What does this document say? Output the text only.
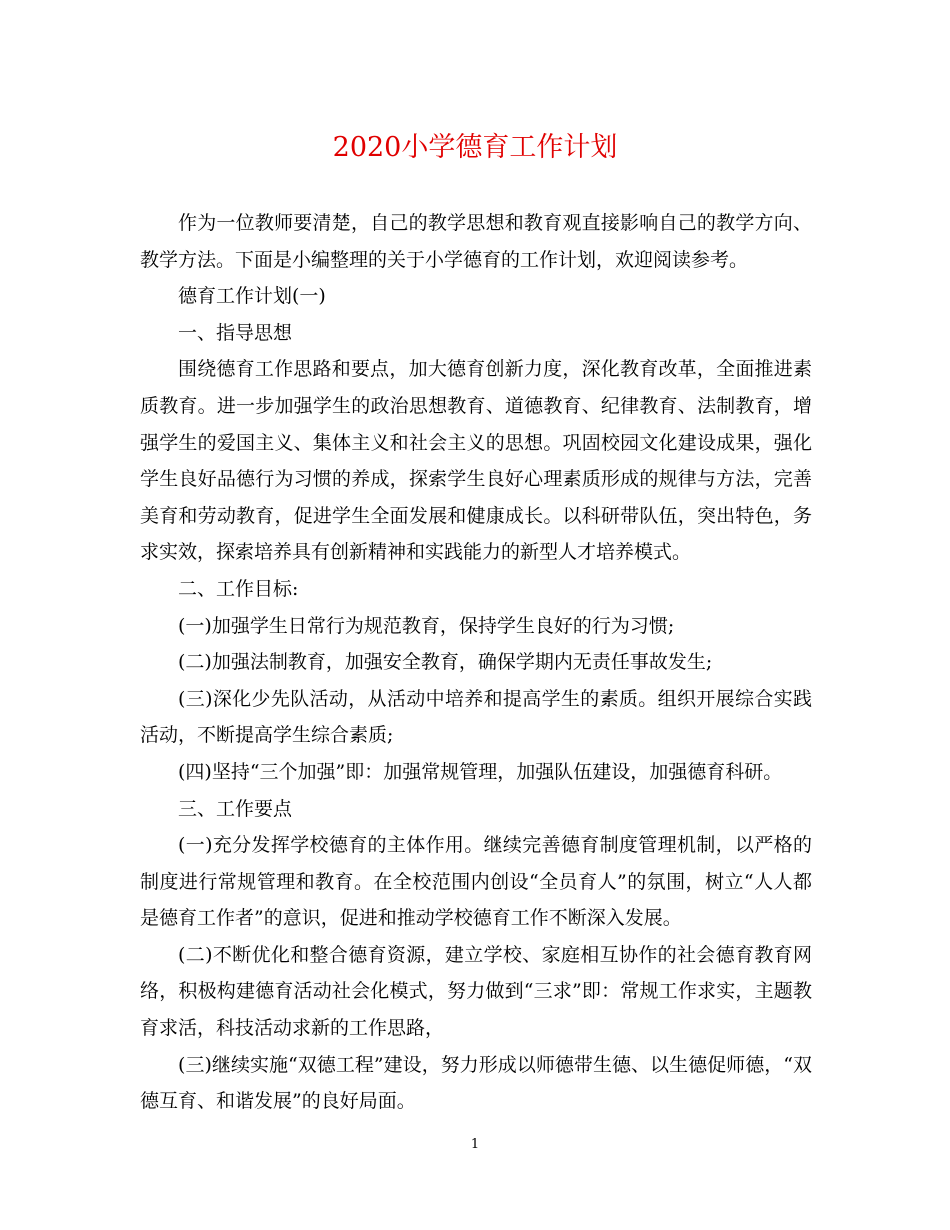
2020小学德育工作计划

作为一位教师要清楚，自己的教学思想和教育观直接影响自己的教学方向、教学方法。下面是小编整理的关于小学德育的工作计划，欢迎阅读参考。

德育工作计划(一)

一、指导思想

围绕德育工作思路和要点，加大德育创新力度，深化教育改革，全面推进素质教育。进一步加强学生的政治思想教育、道德教育、纪律教育、法制教育，增强学生的爱国主义、集体主义和社会主义的思想。巩固校园文化建设成果，强化学生良好品德行为习惯的养成，探索学生良好心理素质形成的规律与方法，完善美育和劳动教育，促进学生全面发展和健康成长。以科研带队伍，突出特色，务求实效，探索培养具有创新精神和实践能力的新型人才培养模式。

二、工作目标:

(一)加强学生日常行为规范教育，保持学生良好的行为习惯;

(二)加强法制教育，加强安全教育，确保学期内无责任事故发生;

(三)深化少先队活动，从活动中培养和提高学生的素质。组织开展综合实践活动，不断提高学生综合素质;

(四)坚持“三个加强”即：加强常规管理，加强队伍建设，加强德育科研。

三、工作要点

(一)充分发挥学校德育的主体作用。继续完善德育制度管理机制，以严格的制度进行常规管理和教育。在全校范围内创设“全员育人”的氛围，树立“人人都是德育工作者”的意识，促进和推动学校德育工作不断深入发展。

(二)不断优化和整合德育资源，建立学校、家庭相互协作的社会德育教育网络，积极构建德育活动社会化模式，努力做到“三求”即：常规工作求实，主题教育求活，科技活动求新的工作思路，

(三)继续实施“双德工程”建设，努力形成以师德带生德、以生德促师德，“双德互育、和谐发展”的良好局面。

1
